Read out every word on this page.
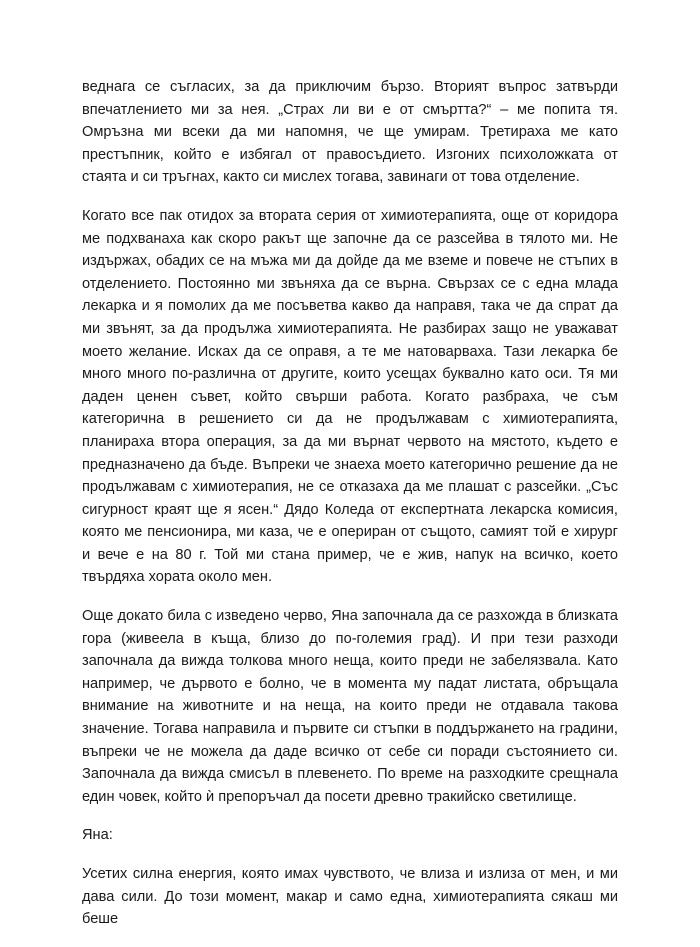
веднага се съгласих, за да приключим бързо. Вторият въпрос затвърди впечатлението ми за нея. „Страх ли ви е от смъртта?“ – ме попита тя. Омръзна ми всеки да ми напомня, че ще умирам. Третираха ме като престъпник, който е избягал от правосъдието. Изгоних психоложката от стаята и си тръгнах, както си мислех тогава, завинаги от това отделение.

Когато все пак отидох за втората серия от химиотерапията, още от коридора ме подхванаха как скоро ракът ще започне да се разсейва в тялото ми. Не издържах, обадих се на мъжа ми да дойде да ме вземе и повече не стъпих в отделението. Постоянно ми звъняха да се върна. Свързах се с една млада лекарка и я помолих да ме посъветва какво да направя, така че да спрат да ми звънят, за да продължа химиотерапията. Не разбирах защо не уважават моето желание. Исках да се оправя, а те ме натоварваха. Тази лекарка бе много много по-различна от другите, които усещах буквално като оси. Тя ми даден ценен съвет, който свърши работа. Когато разбраха, че съм категорична в решението си да не продължавам с химиотерапията, планираха втора операция, за да ми върнат червото на мястото, където е предназначено да бъде. Въпреки че знаеха моето категорично решение да не продължавам с химиотерапия, не се отказаха да ме плашат с разсейки. „Със сигурност краят ще я ясен.“ Дядо Коледа от експертната лекарска комисия, която ме пенсионира, ми каза, че е опериран от същото, самият той е хирург и вече е на 80 г. Той ми стана пример, че е жив, напук на всичко, което твърдяха хората около мен.

Още докато била с изведено черво, Яна започнала да се разхожда в близката гора (живеела в къща, близо до по-големия град). И при тези разходи започнала да вижда толкова много неща, които преди не забелязвала. Като например, че дървото е болно, че в момента му падат листата, обръщала внимание на животните и на неща, на които преди не отдавала такова значение. Тогава направила и първите си стъпки в поддържането на градини, въпреки че не можела да даде всичко от себе си поради състоянието си. Започнала да вижда смисъл в плевенето. По време на разходките срещнала един човек, който ѝ препоръчал да посети древно тракийско светилище.

Яна:

Усетих силна енергия, която имах чувството, че влиза и излиза от мен, и ми дава сили. До този момент, макар и само една, химиотерапията сякаш ми беше
